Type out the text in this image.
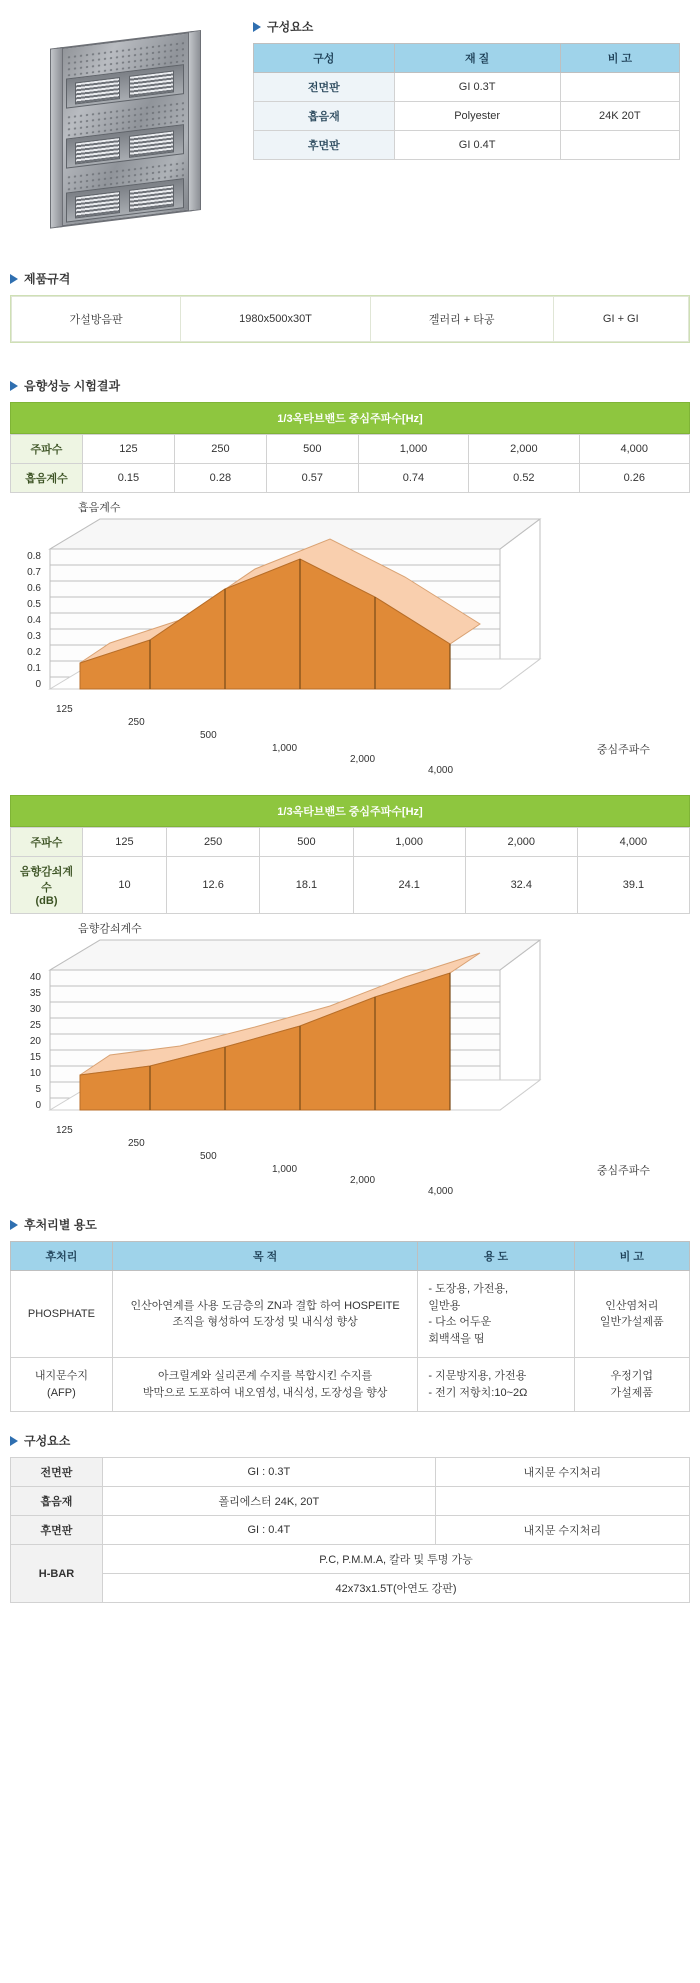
구성요소
구성	재 질	비 고
전면판	GI 0.3T	
흡음재	Polyester	24K 20T
후면판	GI 0.4T	
제품규격
가설방음판	1980x500x30T	겔러리 + 타공	GI + GI
음향성능 시험결과
1/3옥타브밴드 중심주파수[Hz]
주파수	125	250	500	1,000	2,000	4,000
흡음계수	0.15	0.28	0.57	0.74	0.52	0.26
흡음계수
중심주파수
0.8
0.7
0.6
0.5
0.4
0.3
0.2
0.1
0
125
250
500
1,000
2,000
4,000
1/3옥타브밴드 중심주파수[Hz]
주파수	125	250	500	1,000	2,000	4,000

음향감쇠계수
(dB)	10	12.6	18.1	24.1	32.4	39.1
음향감쇠계수
중심주파수
40
35
30
25
20
15
10
5
0
125
250
500
1,000
2,000
4,000
후처리별 용도
후처리	목 적	용 도	비 고
PHOSPHATE	
인산아연계를 사용 도금층의 ZN과 결합 하여 HOSPEITE
조직을 형성하여 도장성 및 내식성 향상

- 도장용, 가전용,
일반용
- 다소 어두운
회백색을 띰

인산염처리
일반가설제품

내지문수지
(AFP)

아크릴계와 실리콘계 수지를 복합시킨 수지를
박막으로 도포하여 내오염성, 내식성, 도장성을 향상

- 지문방지용, 가전용
- 전기 저항치:10~2Ω

우정기업
가설제품
구성요소
전면판	GI : 0.3T	내지문 수지처리
흡음재	폴리에스터 24K, 20T	
후면판	GI : 0.4T	내지문 수지처리
H-BAR	P.C, P.M.M.A, 칼라 및 투명 가능	
	42x73x1.5T(아연도 강판)	
